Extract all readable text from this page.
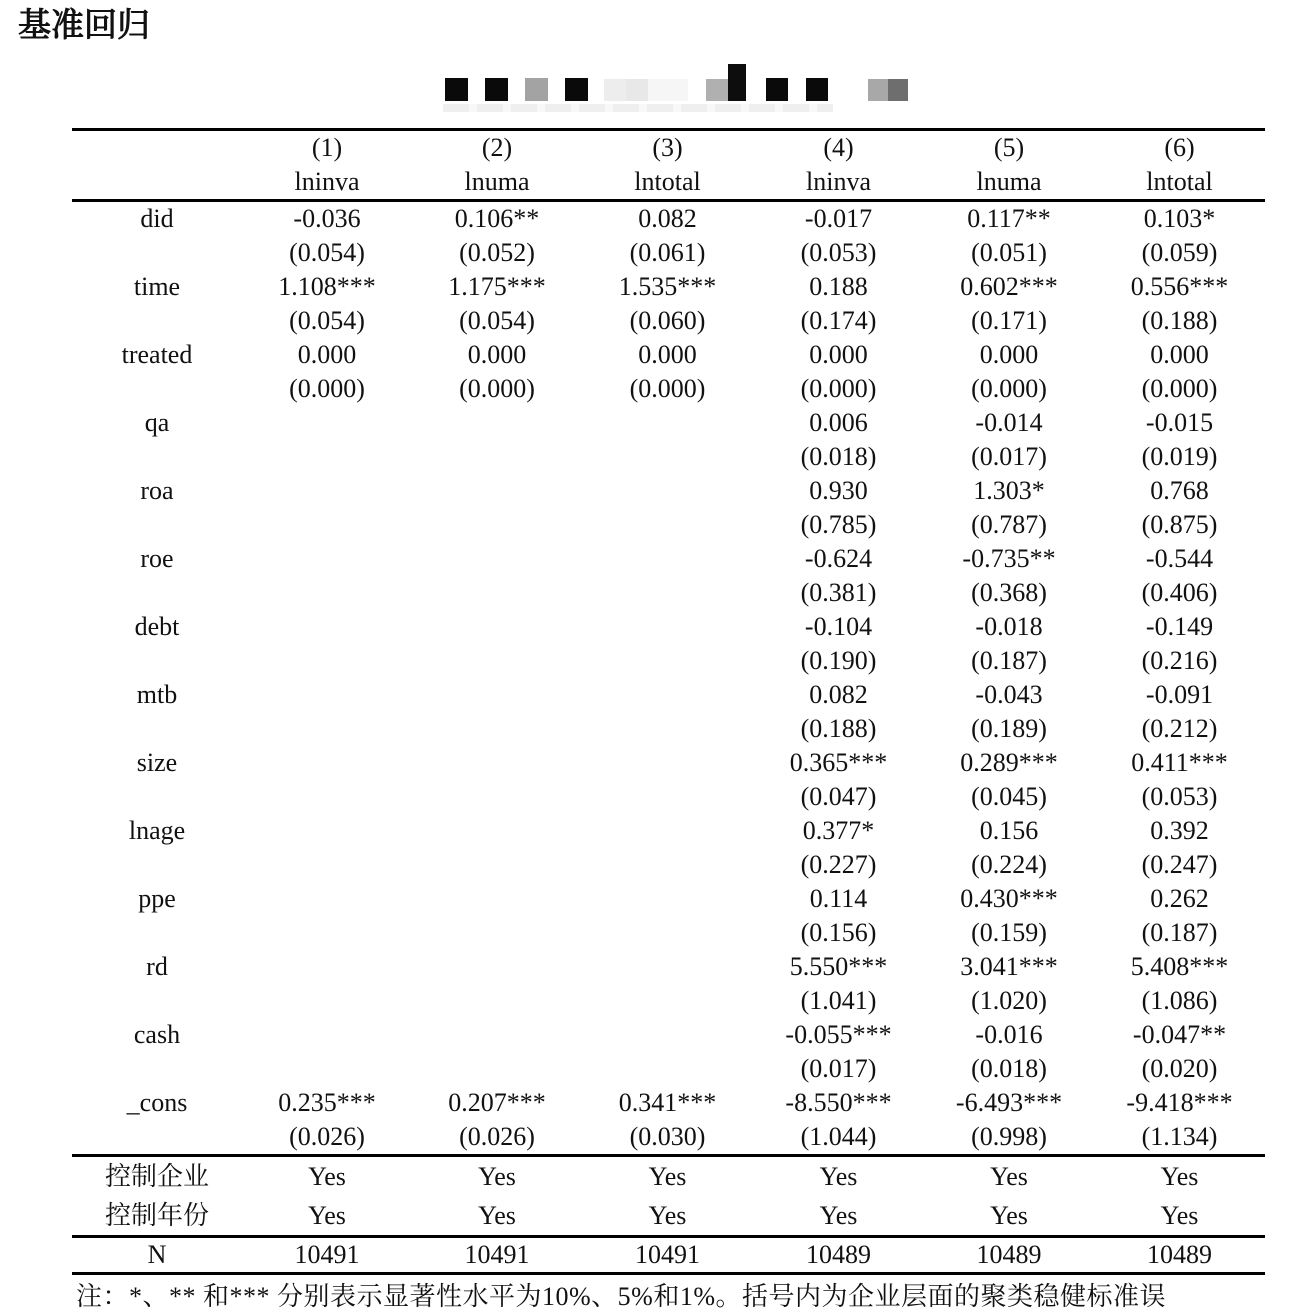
基准回归
	(1)	(2)	(3)	(4)	(5)	(6)
	lninva	lnuma	lntotal	lninva	lnuma	lntotal
did	-0.036	0.106**	0.082	-0.017	0.117**	0.103*
	(0.054)	(0.052)	(0.061)	(0.053)	(0.051)	(0.059)
time	1.108***	1.175***	1.535***	0.188	0.602***	0.556***
	(0.054)	(0.054)	(0.060)	(0.174)	(0.171)	(0.188)
treated	0.000	0.000	0.000	0.000	0.000	0.000
	(0.000)	(0.000)	(0.000)	(0.000)	(0.000)	(0.000)
qa				0.006	-0.014	-0.015
				(0.018)	(0.017)	(0.019)
roa				0.930	1.303*	0.768
				(0.785)	(0.787)	(0.875)
roe				-0.624	-0.735**	-0.544
				(0.381)	(0.368)	(0.406)
debt				-0.104	-0.018	-0.149
				(0.190)	(0.187)	(0.216)
mtb				0.082	-0.043	-0.091
				(0.188)	(0.189)	(0.212)
size				0.365***	0.289***	0.411***
				(0.047)	(0.045)	(0.053)
lnage				0.377*	0.156	0.392
				(0.227)	(0.224)	(0.247)
ppe				0.114	0.430***	0.262
				(0.156)	(0.159)	(0.187)
rd				5.550***	3.041***	5.408***
				(1.041)	(1.020)	(1.086)
cash				-0.055***	-0.016	-0.047**
				(0.017)	(0.018)	(0.020)
_cons	0.235***	0.207***	0.341***	-8.550***	-6.493***	-9.418***
	(0.026)	(0.026)	(0.030)	(1.044)	(0.998)	(1.134)
控制企业	Yes	Yes	Yes	Yes	Yes	Yes
控制年份	Yes	Yes	Yes	Yes	Yes	Yes
N	10491	10491	10491	10489	10489	10489
注：*、** 和*** 分别表示显著性水平为10%、5%和1%。括号内为企业层面的聚类稳健标准误
